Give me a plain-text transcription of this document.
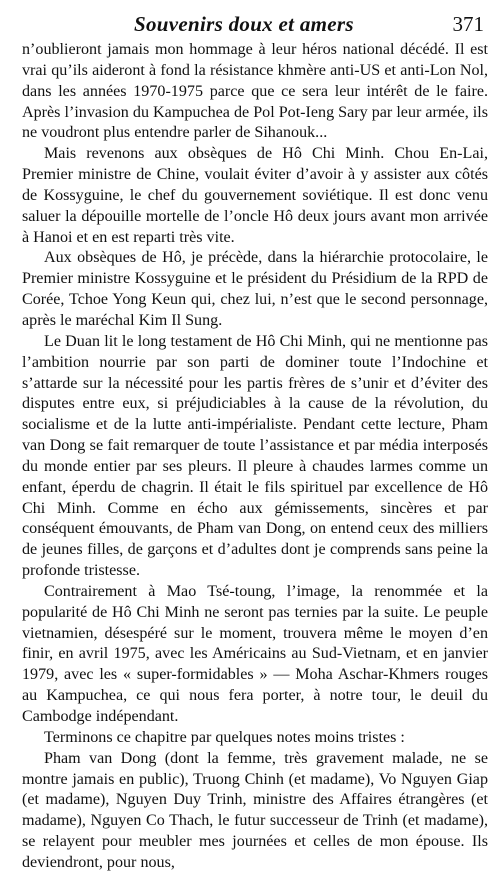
Souvenirs doux et amers	371

n’oublieront jamais mon hommage à leur héros national décédé. Il est vrai qu’ils aideront à fond la résistance khmère anti-US et anti-Lon Nol, dans les années 1970-1975 parce que ce sera leur intérêt de le faire. Après l’invasion du Kampuchea de Pol Pot-Ieng Sary par leur armée, ils ne voudront plus entendre parler de Sihanouk...

Mais revenons aux obsèques de Hô Chi Minh. Chou En-Lai, Premier ministre de Chine, voulait éviter d’avoir à y assister aux côtés de Kossyguine, le chef du gouvernement soviétique. Il est donc venu saluer la dépouille mortelle de l’oncle Hô deux jours avant mon arrivée à Hanoi et en est reparti très vite.

Aux obsèques de Hô, je précède, dans la hiérarchie protocolaire, le Premier ministre Kossyguine et le président du Présidium de la RPD de Corée, Tchoe Yong Keun qui, chez lui, n’est que le second personnage, après le maréchal Kim Il Sung.

Le Duan lit le long testament de Hô Chi Minh, qui ne mentionne pas l’ambition nourrie par son parti de dominer toute l’Indochine et s’attarde sur la nécessité pour les partis frères de s’unir et d’éviter des disputes entre eux, si préjudiciables à la cause de la révolution, du socialisme et de la lutte anti-impérialiste. Pendant cette lecture, Pham van Dong se fait remarquer de toute l’assistance et par média interposés du monde entier par ses pleurs. Il pleure à chaudes larmes comme un enfant, éperdu de chagrin. Il était le fils spirituel par excellence de Hô Chi Minh. Comme en écho aux gémissements, sincères et par conséquent émouvants, de Pham van Dong, on entend ceux des milliers de jeunes filles, de garçons et d’adultes dont je comprends sans peine la profonde tristesse.

Contrairement à Mao Tsé-toung, l’image, la renommée et la popularité de Hô Chi Minh ne seront pas ternies par la suite. Le peuple vietnamien, désespéré sur le moment, trouvera même le moyen d’en finir, en avril 1975, avec les Américains au Sud-Vietnam, et en janvier 1979, avec les « super-formidables » — Moha Aschar-Khmers rouges au Kampuchea, ce qui nous fera porter, à notre tour, le deuil du Cambodge indépendant.

Terminons ce chapitre par quelques notes moins tristes :

Pham van Dong (dont la femme, très gravement malade, ne se montre jamais en public), Truong Chinh (et madame), Vo Nguyen Giap (et madame), Nguyen Duy Trinh, ministre des Affaires étrangères (et madame), Nguyen Co Thach, le futur successeur de Trinh (et madame), se relayent pour meubler mes journées et celles de mon épouse. Ils deviendront, pour nous,
